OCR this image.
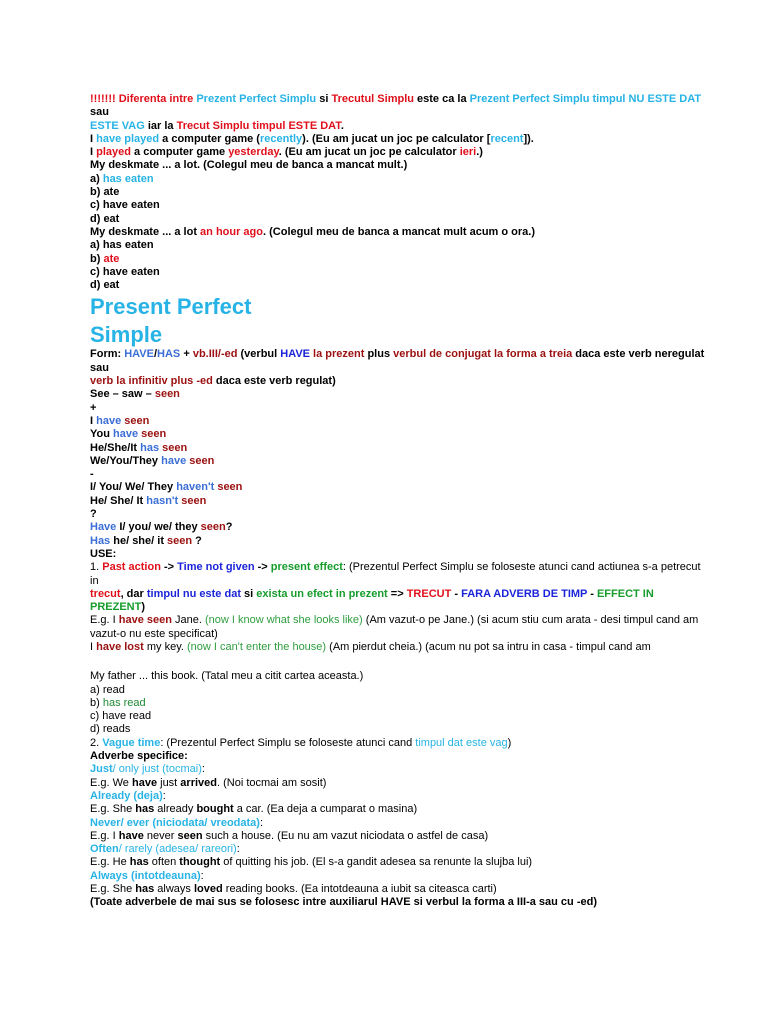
!!!!!!! Diferenta intre Prezent Perfect Simplu si Trecutul Simplu este ca la Prezent Perfect Simplu timpul NU ESTE DAT sau
ESTE VAG iar la Trecut Simplu timpul ESTE DAT.
I have played a computer game (recently). (Eu am jucat un joc pe calculator [recent]).
I played a computer game yesterday. (Eu am jucat un joc pe calculator ieri.)
My deskmate ... a lot. (Colegul meu de banca a mancat mult.)
a) has eaten
b) ate
c) have eaten
d) eat
My deskmate ... a lot an hour ago. (Colegul meu de banca a mancat mult acum o ora.)
a) has eaten
b) ate
c) have eaten
d) eat
Present Perfect
Simple
Form: HAVE/HAS + vb.III/-ed (verbul HAVE la prezent plus verbul de conjugat la forma a treia daca este verb neregulat sau
verb la infinitiv plus -ed daca este verb regulat)
See – saw – seen
+
I have seen
You have seen
He/She/It has seen
We/You/They have seen
-
I/ You/ We/ They haven't seen
He/ She/ It hasn't seen
?
Have I/ you/ we/ they seen?
Has he/ she/ it seen ?
USE:
1. Past action -> Time not given -> present effect: (Prezentul Perfect Simplu se foloseste atunci cand actiunea s-a petrecut in
trecut, dar timpul nu este dat si exista un efect in prezent => TRECUT - FARA ADVERB DE TIMP - EFFECT IN PREZENT)
E.g. I have seen Jane. (now I know what she looks like) (Am vazut-o pe Jane.) (si acum stiu cum arata - desi timpul cand am
vazut-o nu este specificat)
I have lost my key. (now I can't enter the house) (Am pierdut cheia.) (acum nu pot sa intru in casa - timpul cand am
My father ... this book. (Tatal meu a citit cartea aceasta.)
a) read
b) has read
c) have read
d) reads
2. Vague time: (Prezentul Perfect Simplu se foloseste atunci cand timpul dat este vag)
Adverbe specifice:
Just/ only just (tocmai):
E.g. We have just arrived. (Noi tocmai am sosit)
Already (deja):
E.g. She has already bought a car. (Ea deja a cumparat o masina)
Never/ ever (niciodata/ vreodata):
E.g. I have never seen such a house. (Eu nu am vazut niciodata o astfel de casa)
Often/ rarely (adesea/ rareori):
E.g. He has often thought of quitting his job. (El s-a gandit adesea sa renunte la slujba lui)
Always (intotdeauna):
E.g. She has always loved reading books. (Ea intotdeauna a iubit sa citeasca carti)
(Toate adverbele de mai sus se folosesc intre auxiliarul HAVE si verbul la forma a III-a sau cu -ed)
